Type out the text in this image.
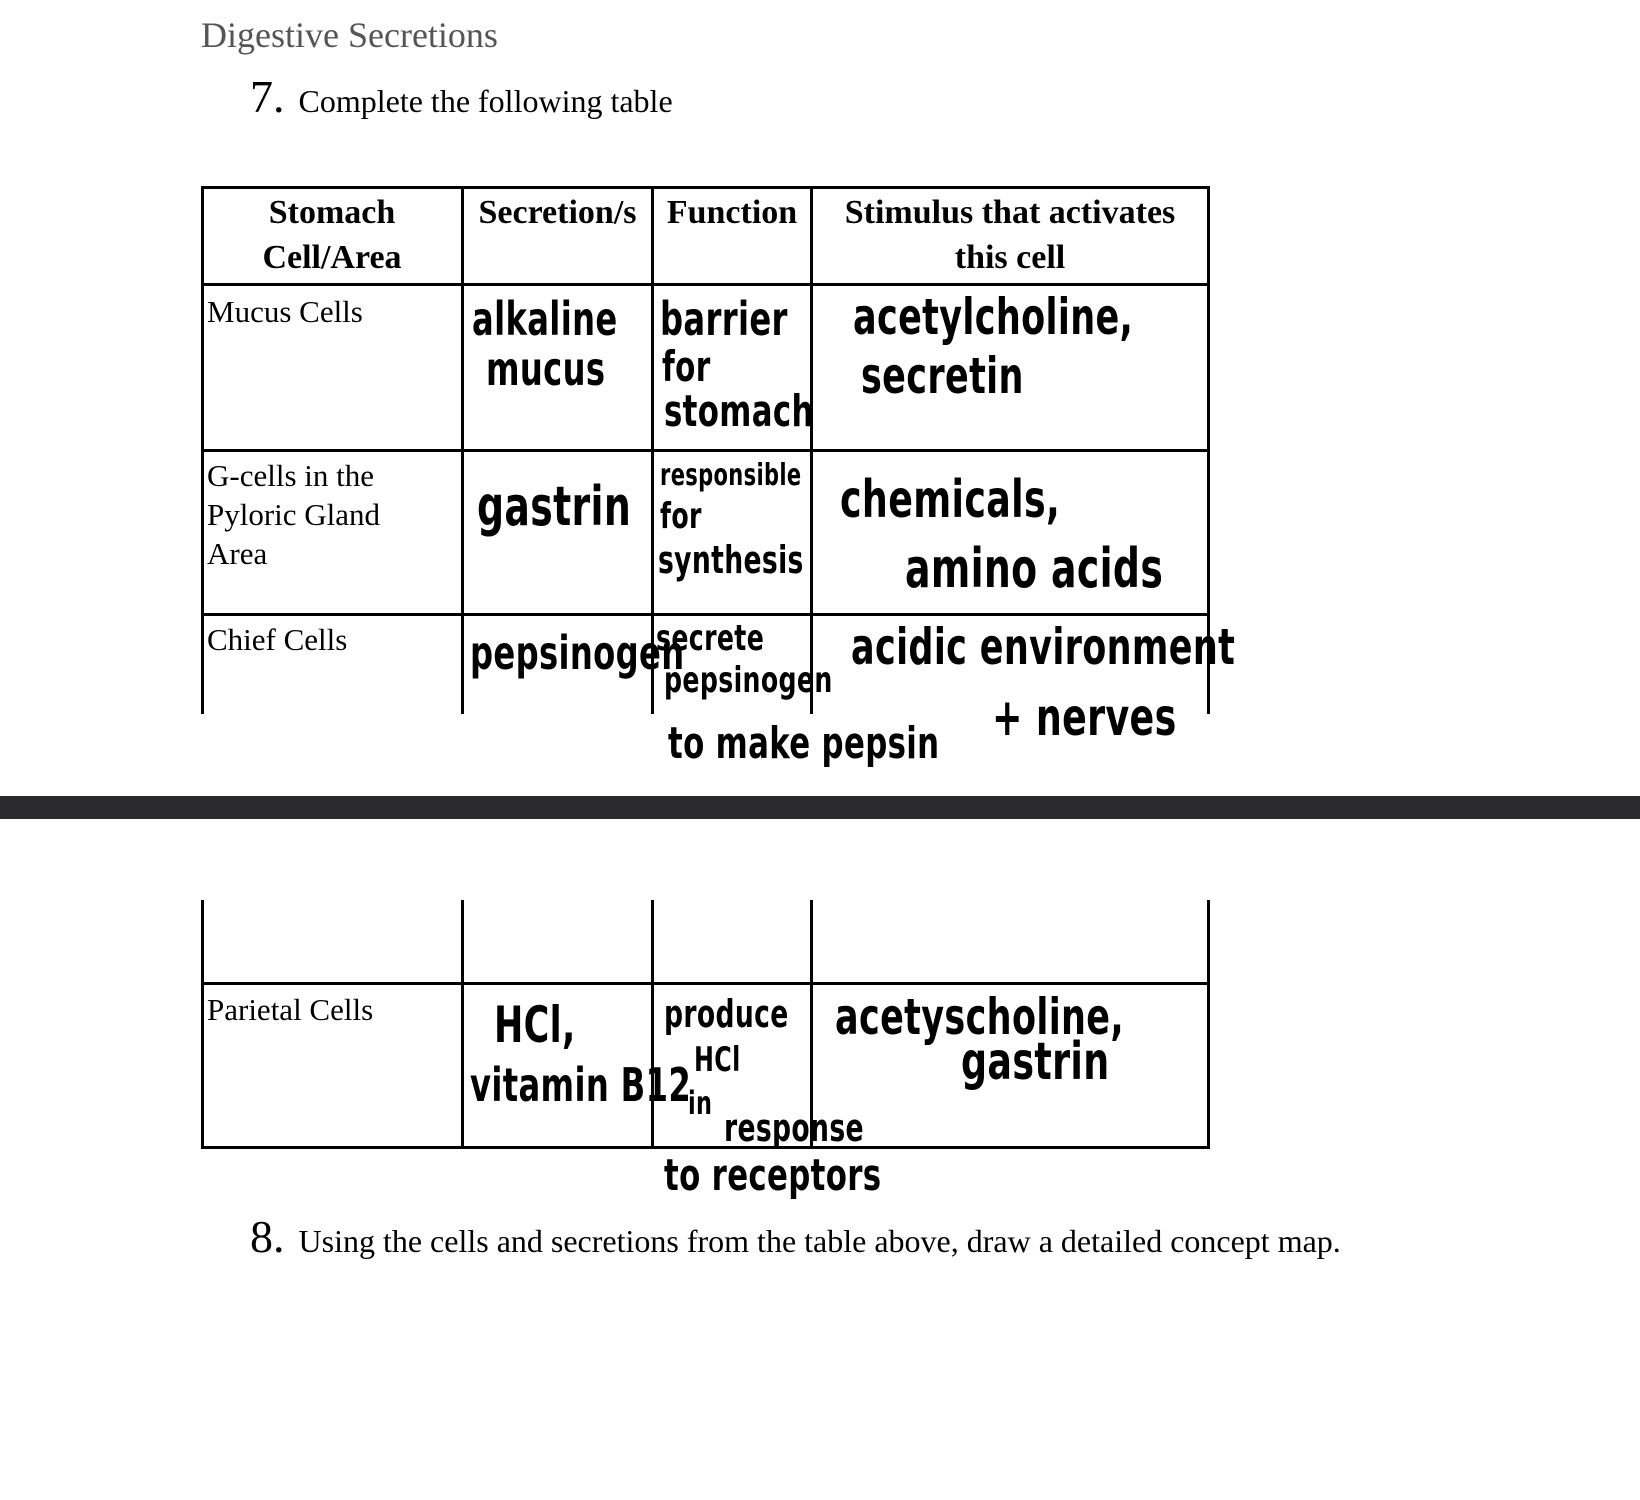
Digestive Secretions
7. Complete the following table
Stomach
Cell/Area
Secretion/s Function	Stimulus that activates
this cell
Mucus Cells alkaline
mucus
barrier
for
stomach
acetylcholine,
secretin
G-cells in the
Pyloric Gland
Area
gastrin responsible
for
synthesis
chemicals,
amino acids
Chief Cells	pepsinogen
secrete
pepsinogen
to make pepsin
acidic environment
+ nerves
Parietal Cells HCl,
vitamin B12
produce
HCl
in
response
to receptors
acetyscholine,
gastrin
8. Using the cells and secretions from the table above, draw a detailed concept map.
